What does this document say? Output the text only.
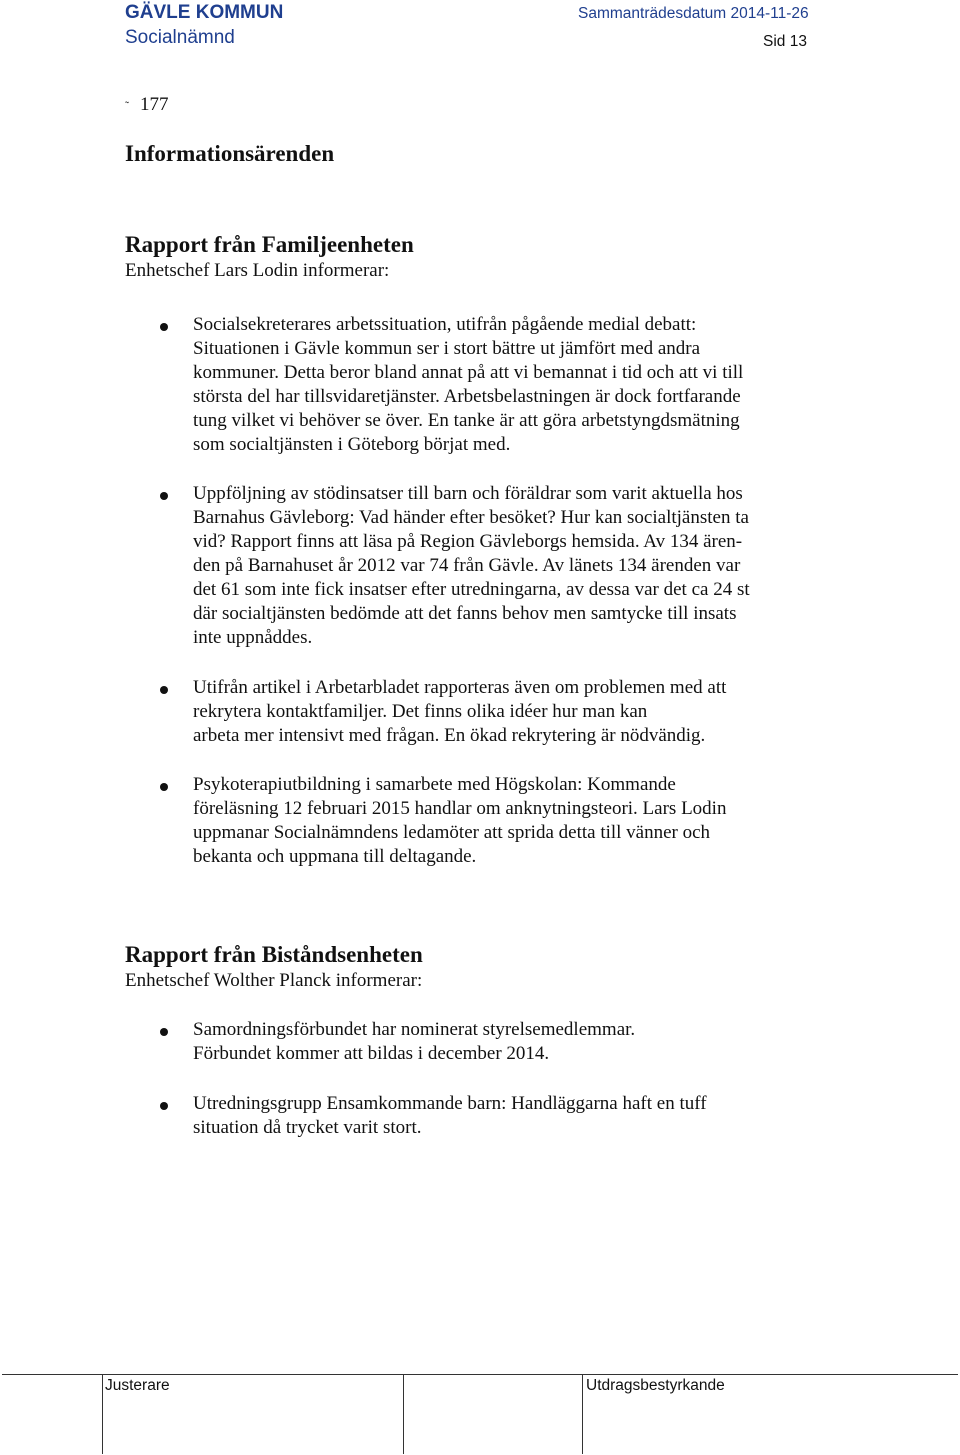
GÄVLE KOMMUN
Socialnämnd
Sammanträdesdatum 2014-11-26
Sid 13
˷ 177
Informationsärenden
Rapport från Familjeenheten
Enhetschef Lars Lodin informerar:
Socialsekreterares arbetssituation, utifrån pågående medial debatt:
Situationen i Gävle kommun ser i stort bättre ut jämfört med andra
kommuner. Detta beror bland annat på att vi bemannat i tid och att vi till
största del har tillsvidaretjänster. Arbetsbelastningen är dock fortfarande
tung vilket vi behöver se över. En tanke är att göra arbetstyngdsmätning
som socialtjänsten i Göteborg börjat med.
Uppföljning av stödinsatser till barn och föräldrar som varit aktuella hos
Barnahus Gävleborg: Vad händer efter besöket? Hur kan socialtjänsten ta
vid? Rapport finns att läsa på Region Gävleborgs hemsida. Av 134 ären-
den på Barnahuset år 2012 var 74 från Gävle. Av länets 134 ärenden var
det 61 som inte fick insatser efter utredningarna, av dessa var det ca 24 st
där socialtjänsten bedömde att det fanns behov men samtycke till insats
inte uppnåddes.
Utifrån artikel i Arbetarbladet rapporteras även om problemen med att
rekrytera kontaktfamiljer. Det finns olika idéer hur man kan
arbeta mer intensivt med frågan. En ökad rekrytering är nödvändig.
Psykoterapiutbildning i samarbete med Högskolan: Kommande
föreläsning 12 februari 2015 handlar om anknytningsteori. Lars Lodin
uppmanar Socialnämndens ledamöter att sprida detta till vänner och
bekanta och uppmana till deltagande.
Rapport från Biståndsenheten
Enhetschef Wolther Planck informerar:
Samordningsförbundet har nominerat styrelsemedlemmar.
Förbundet kommer att bildas i december 2014.
Utredningsgrupp Ensamkommande barn: Handläggarna haft en tuff
situation då trycket varit stort.
Justerare	Utdragsbestyrkande
